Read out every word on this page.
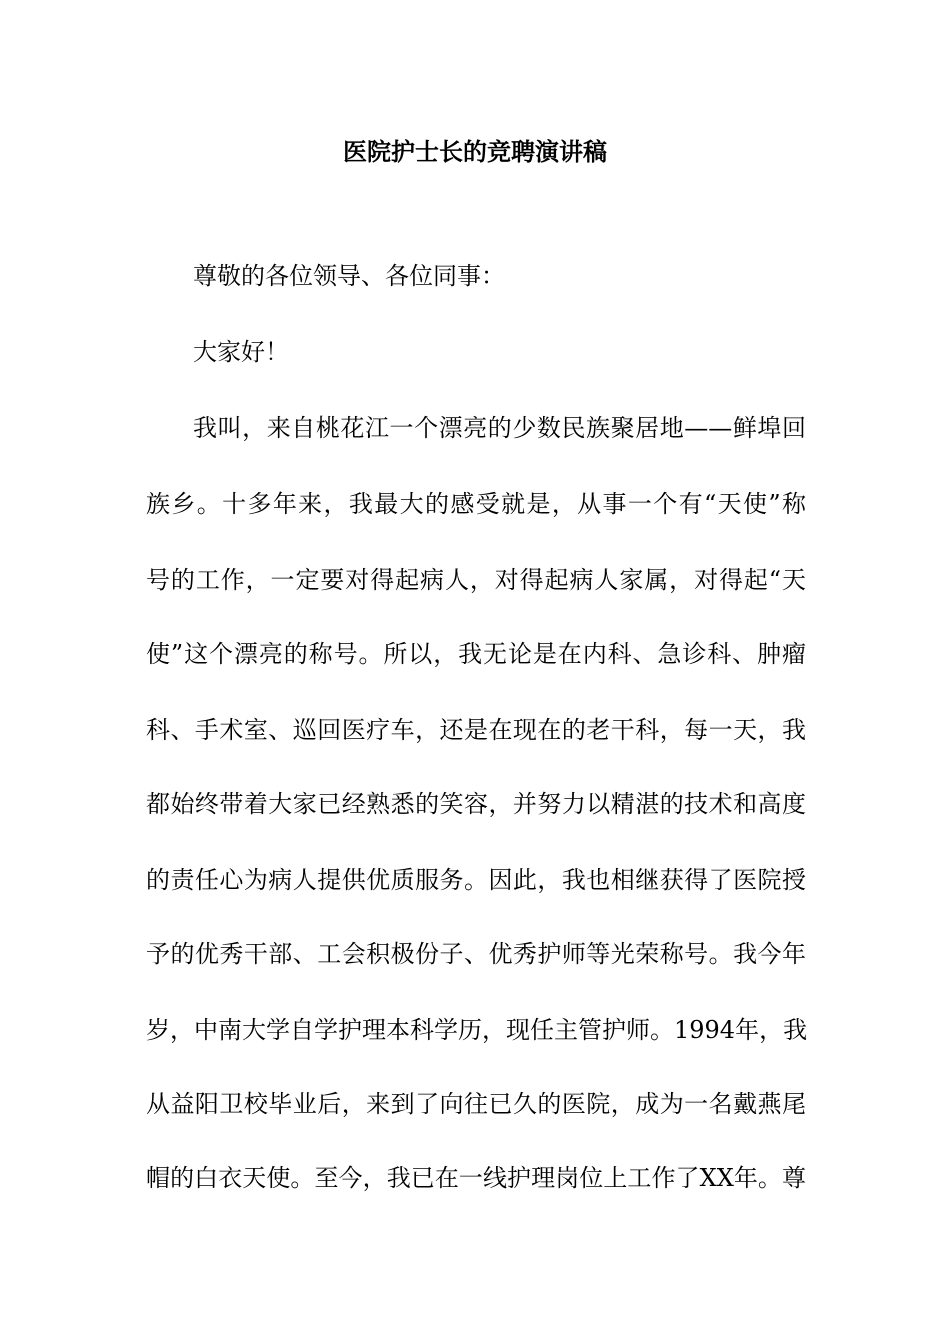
医院护士长的竞聘演讲稿
尊敬的各位领导、各位同事：
大家好！
我叫，来自桃花江一个漂亮的少数民族聚居地——鲜埠回
族乡。十多年来，我最大的感受就是，从事一个有“天使”称
号的工作，一定要对得起病人，对得起病人家属，对得起“天
使”这个漂亮的称号。所以，我无论是在内科、急诊科、肿瘤
科、手术室、巡回医疗车，还是在现在的老干科，每一天，我
都始终带着大家已经熟悉的笑容，并努力以精湛的技术和高度
的责任心为病人提供优质服务。因此，我也相继获得了医院授
予的优秀干部、工会积极份子、优秀护师等光荣称号。我今年
岁，中南大学自学护理本科学历，现任主管护师。1994年，我
从益阳卫校毕业后，来到了向往已久的医院，成为一名戴燕尾
帽的白衣天使。至今，我已在一线护理岗位上工作了XX年。尊
